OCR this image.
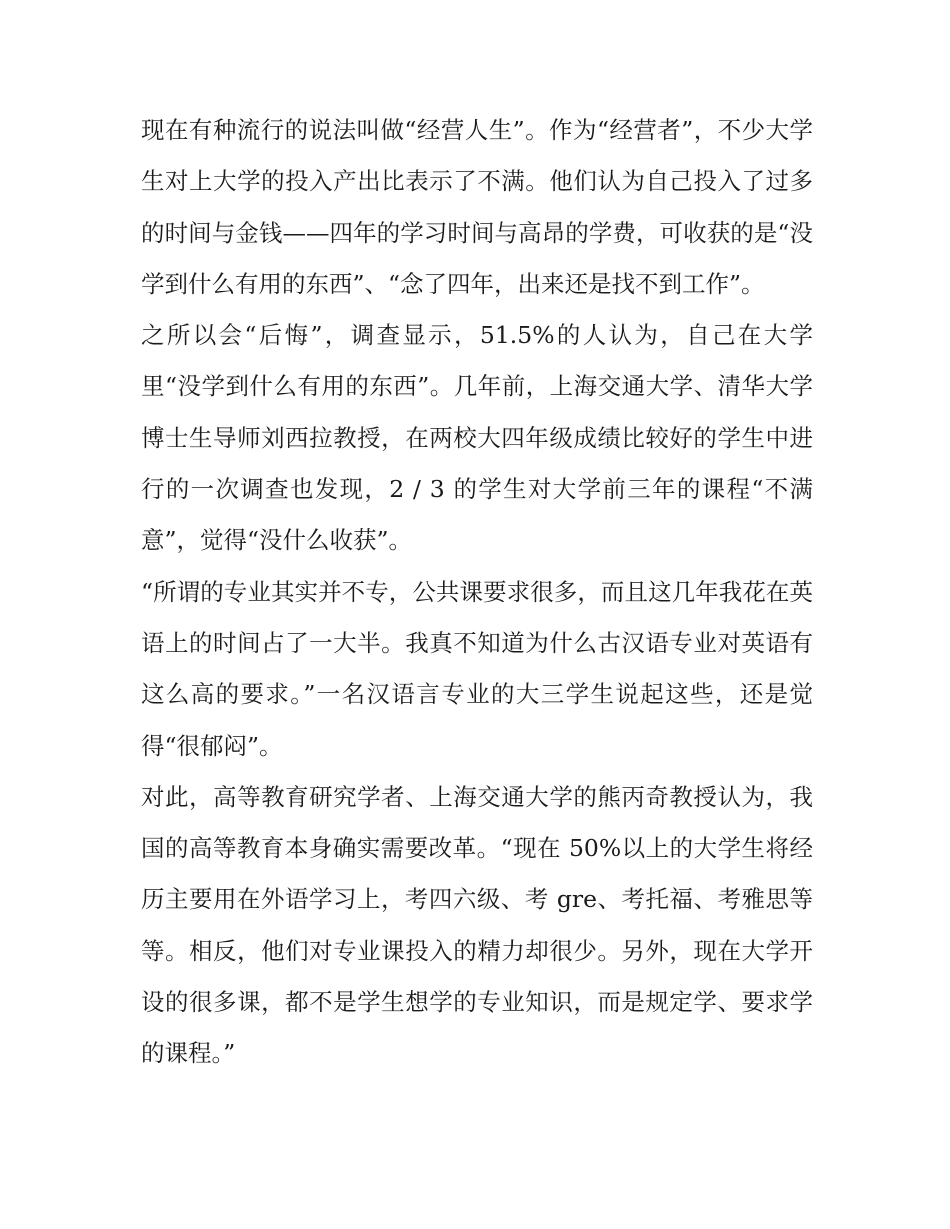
现在有种流行的说法叫做“经营人生”。作为“经营者”，不少大学生对上大学的投入产出比表示了不满。他们认为自己投入了过多的时间与金钱——四年的学习时间与高昂的学费，可收获的是“没学到什么有用的东西”、“念了四年，出来还是找不到工作”。

之所以会“后悔”，调查显示，51.5%的人认为，自己在大学里“没学到什么有用的东西”。几年前，上海交通大学、清华大学博士生导师刘西拉教授，在两校大四年级成绩比较好的学生中进行的一次调查也发现，2 / 3 的学生对大学前三年的课程“不满意”，觉得“没什么收获”。

“所谓的专业其实并不专，公共课要求很多，而且这几年我花在英语上的时间占了一大半。我真不知道为什么古汉语专业对英语有这么高的要求。”一名汉语言专业的大三学生说起这些，还是觉得“很郁闷”。

对此，高等教育研究学者、上海交通大学的熊丙奇教授认为，我国的高等教育本身确实需要改革。“现在 50%以上的大学生将经历主要用在外语学习上，考四六级、考 gre、考托福、考雅思等等。相反，他们对专业课投入的精力却很少。另外，现在大学开设的很多课，都不是学生想学的专业知识，而是规定学、要求学的课程。”
